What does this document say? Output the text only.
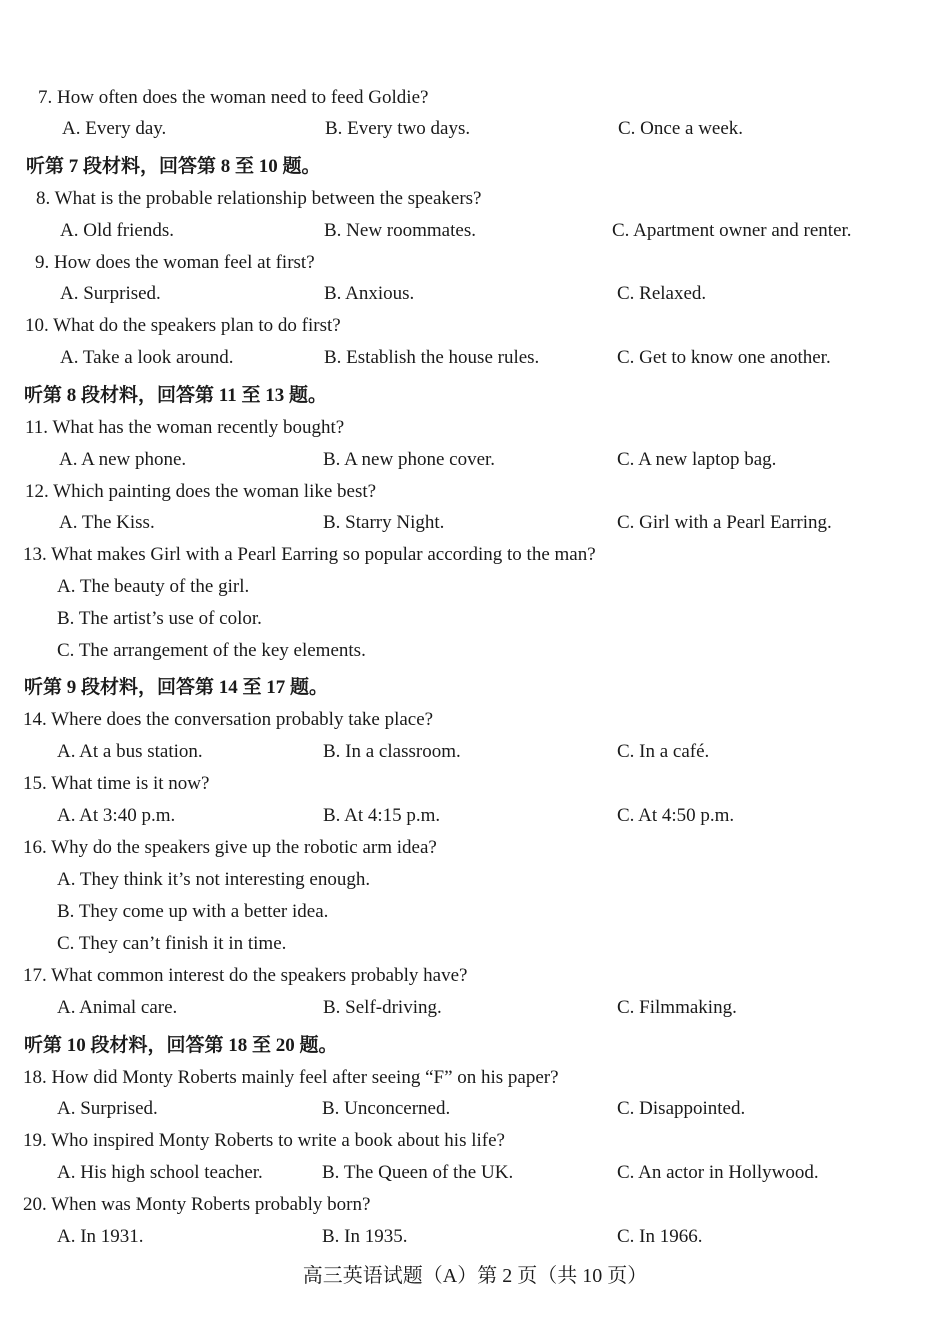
7. How often does the woman need to feed Goldie?
A. Every day.	B. Every two days.	C. Once a week.
听第 7 段材料，回答第 8 至 10 题。
8. What is the probable relationship between the speakers?
A. Old friends.	B. New roommates.	C. Apartment owner and renter.
9. How does the woman feel at first?
A. Surprised.	B. Anxious.	C. Relaxed.
10. What do the speakers plan to do first?
A. Take a look around.	B. Establish the house rules.	C. Get to know one another.
听第 8 段材料，回答第 11 至 13 题。
11. What has the woman recently bought?
A. A new phone.	B. A new phone cover.	C. A new laptop bag.
12. Which painting does the woman like best?
A. The Kiss.	B. Starry Night.	C. Girl with a Pearl Earring.
13. What makes Girl with a Pearl Earring so popular according to the man?
A. The beauty of the girl.
B. The artist’s use of color.
C. The arrangement of the key elements.
听第 9 段材料，回答第 14 至 17 题。
14. Where does the conversation probably take place?
A. At a bus station.	B. In a classroom.	C. In a café.
15. What time is it now?
A. At 3:40 p.m.	B. At 4:15 p.m.	C. At 4:50 p.m.
16. Why do the speakers give up the robotic arm idea?
A. They think it’s not interesting enough.
B. They come up with a better idea.
C. They can’t finish it in time.
17. What common interest do the speakers probably have?
A. Animal care.	B. Self-driving.	C. Filmmaking.
听第 10 段材料，回答第 18 至 20 题。
18. How did Monty Roberts mainly feel after seeing “F” on his paper?
A. Surprised.	B. Unconcerned.	C. Disappointed.
19. Who inspired Monty Roberts to write a book about his life?
A. His high school teacher.	B. The Queen of the UK.	C. An actor in Hollywood.
20. When was Monty Roberts probably born?
A. In 1931.	B. In 1935.	C. In 1966.
高三英语试题（A）第 2 页（共 10 页）
